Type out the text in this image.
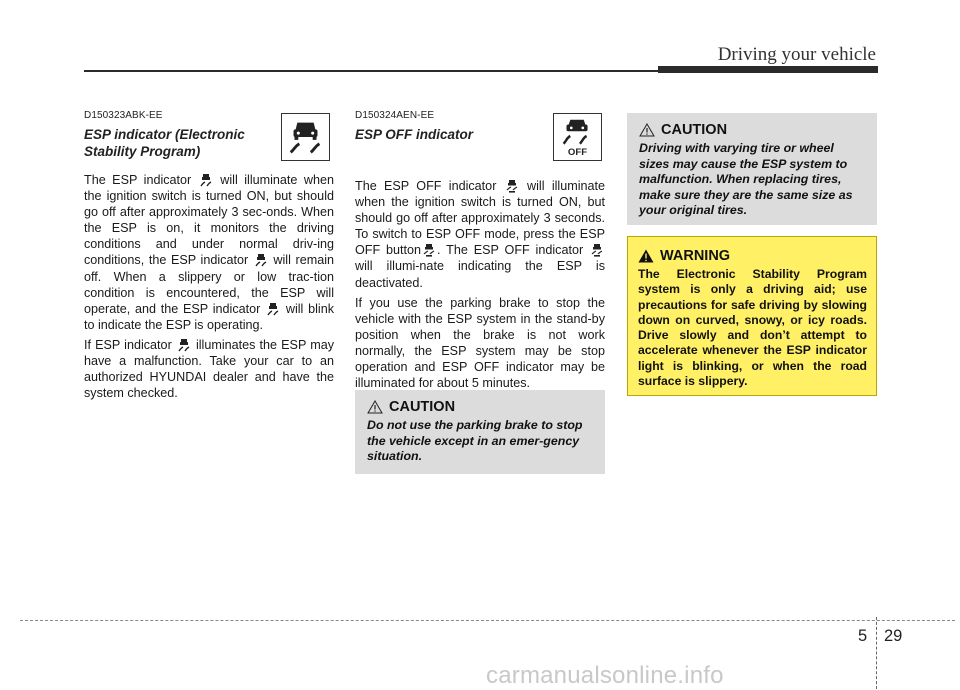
Driving your vehicle
D150323ABK-EE
ESP indicator (Electronic
Stability Program)

The ESP indicator will illuminate when the ignition switch is turned ON, but should go off after approximately 3 sec-onds. When the ESP is on, it monitors the driving conditions and under normal driv-ing conditions, the ESP indicator will remain off. When a slippery or low trac-tion condition is encountered, the ESP will operate, and the ESP indicator will blink to indicate the ESP is operating.

If ESP indicator illuminates the ESP may have a malfunction. Take your car to an authorized HYUNDAI dealer and have the system checked.

D150324AEN-EE
ESP OFF indicator
OFF

The ESP OFF indicator will illuminate when the ignition switch is turned ON, but should go off after approximately 3 seconds. To switch to ESP OFF mode, press the ESP OFF button . The ESP OFF indicator
will illumi-nate indicating the ESP is deactivated.

If you use the parking brake to stop the vehicle with the ESP system in the stand-by position when the brake is not work normally, the ESP system may be stop operation and ESP OFF indicator may be illuminated for about 5 minutes.

CAUTION
Do not use the parking brake to stop the vehicle except in an emer-gency situation.
CAUTION
Driving with varying tire or wheel sizes may cause the ESP system to malfunction. When replacing tires, make sure they are the same size as your original tires.
WARNING
The Electronic Stability Program system is only a driving aid; use precautions for safe driving by slowing down on curved, snowy, or icy roads. Drive slowly and don’t attempt to accelerate whenever the ESP indicator light is blinking, or when the road surface is slippery.
5 29
carmanualsonline.info
